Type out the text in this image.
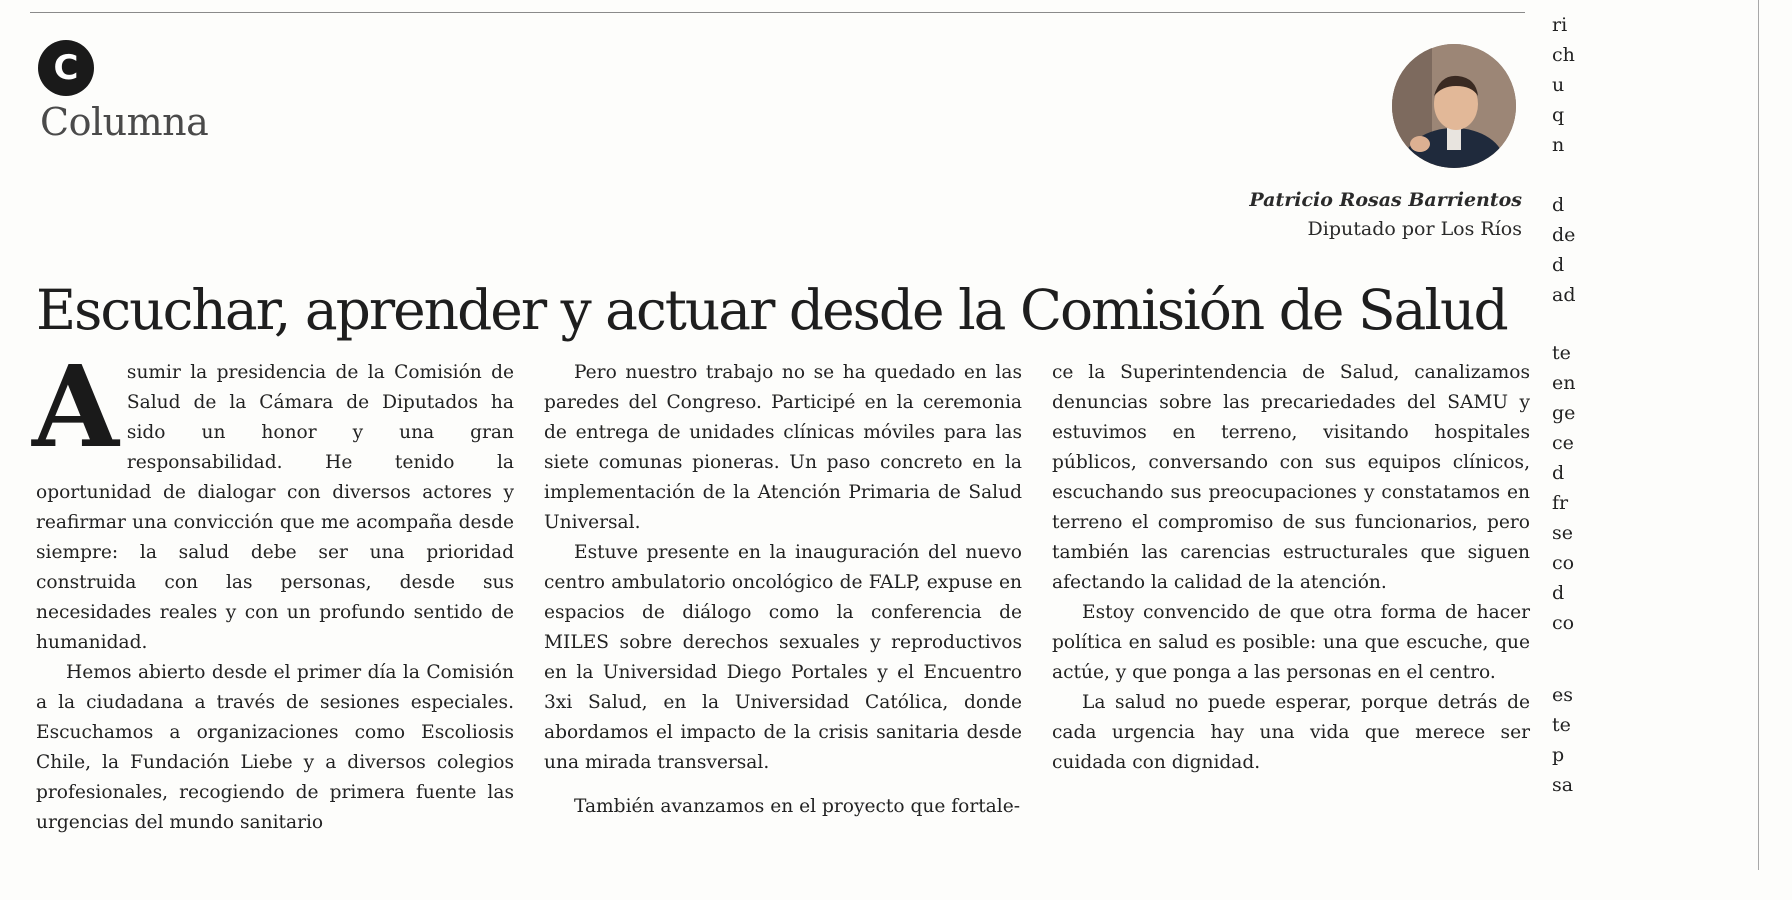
C
Columna
Patricio Rosas Barrientos
Diputado por Los Ríos
Escuchar, aprender y actuar desde la Comisión de Salud

Asumir la presidencia de la Comisión de Salud de la Cámara de Diputados ha sido un honor y una gran responsabilidad. He tenido la oportunidad de dialogar con diversos actores y reafirmar una convicción que me acompaña desde siempre: la salud debe ser una prioridad construida con las personas, desde sus necesidades reales y con un profundo sentido de humanidad.

Hemos abierto desde el primer día la Comisión a la ciudadana a través de sesiones especiales. Escuchamos a organizaciones como Escoliosis Chile, la Fundación Liebe y a diversos colegios profesionales, recogiendo de primera fuente las urgencias del mundo sanitario

Pero nuestro trabajo no se ha quedado en las paredes del Congreso. Participé en la ceremonia de entrega de unidades clínicas móviles para las siete comunas pioneras. Un paso concreto en la implementación de la Atención Primaria de Salud Universal.

Estuve presente en la inauguración del nuevo centro ambulatorio oncológico de FALP, expuse en espacios de diálogo como la conferencia de MILES sobre derechos sexuales y reproductivos en la Universidad Diego Portales y el Encuentro 3xi Salud, en la Universidad Católica, donde abordamos el impacto de la crisis sanitaria desde una mirada transversal.

También avanzamos en el proyecto que fortale-

ce la Superintendencia de Salud, canalizamos denuncias sobre las precariedades del SAMU y estuvimos en terreno, visitando hospitales públicos, conversando con sus equipos clínicos, escuchando sus preocupaciones y constatamos en terreno el compromiso de sus funcionarios, pero también las carencias estructurales que siguen afectando la calidad de la atención.

Estoy convencido de que otra forma de hacer política en salud es posible: una que escuche, que actúe, y que ponga a las personas en el centro.

La salud no puede esperar, porque detrás de cada urgencia hay una vida que merece ser cuidada con dignidad.

ri
ch
u
q
n
d
de
d
ad
te
en
ge
ce
d
fr
se
co
d
co
es
te
p
sa
